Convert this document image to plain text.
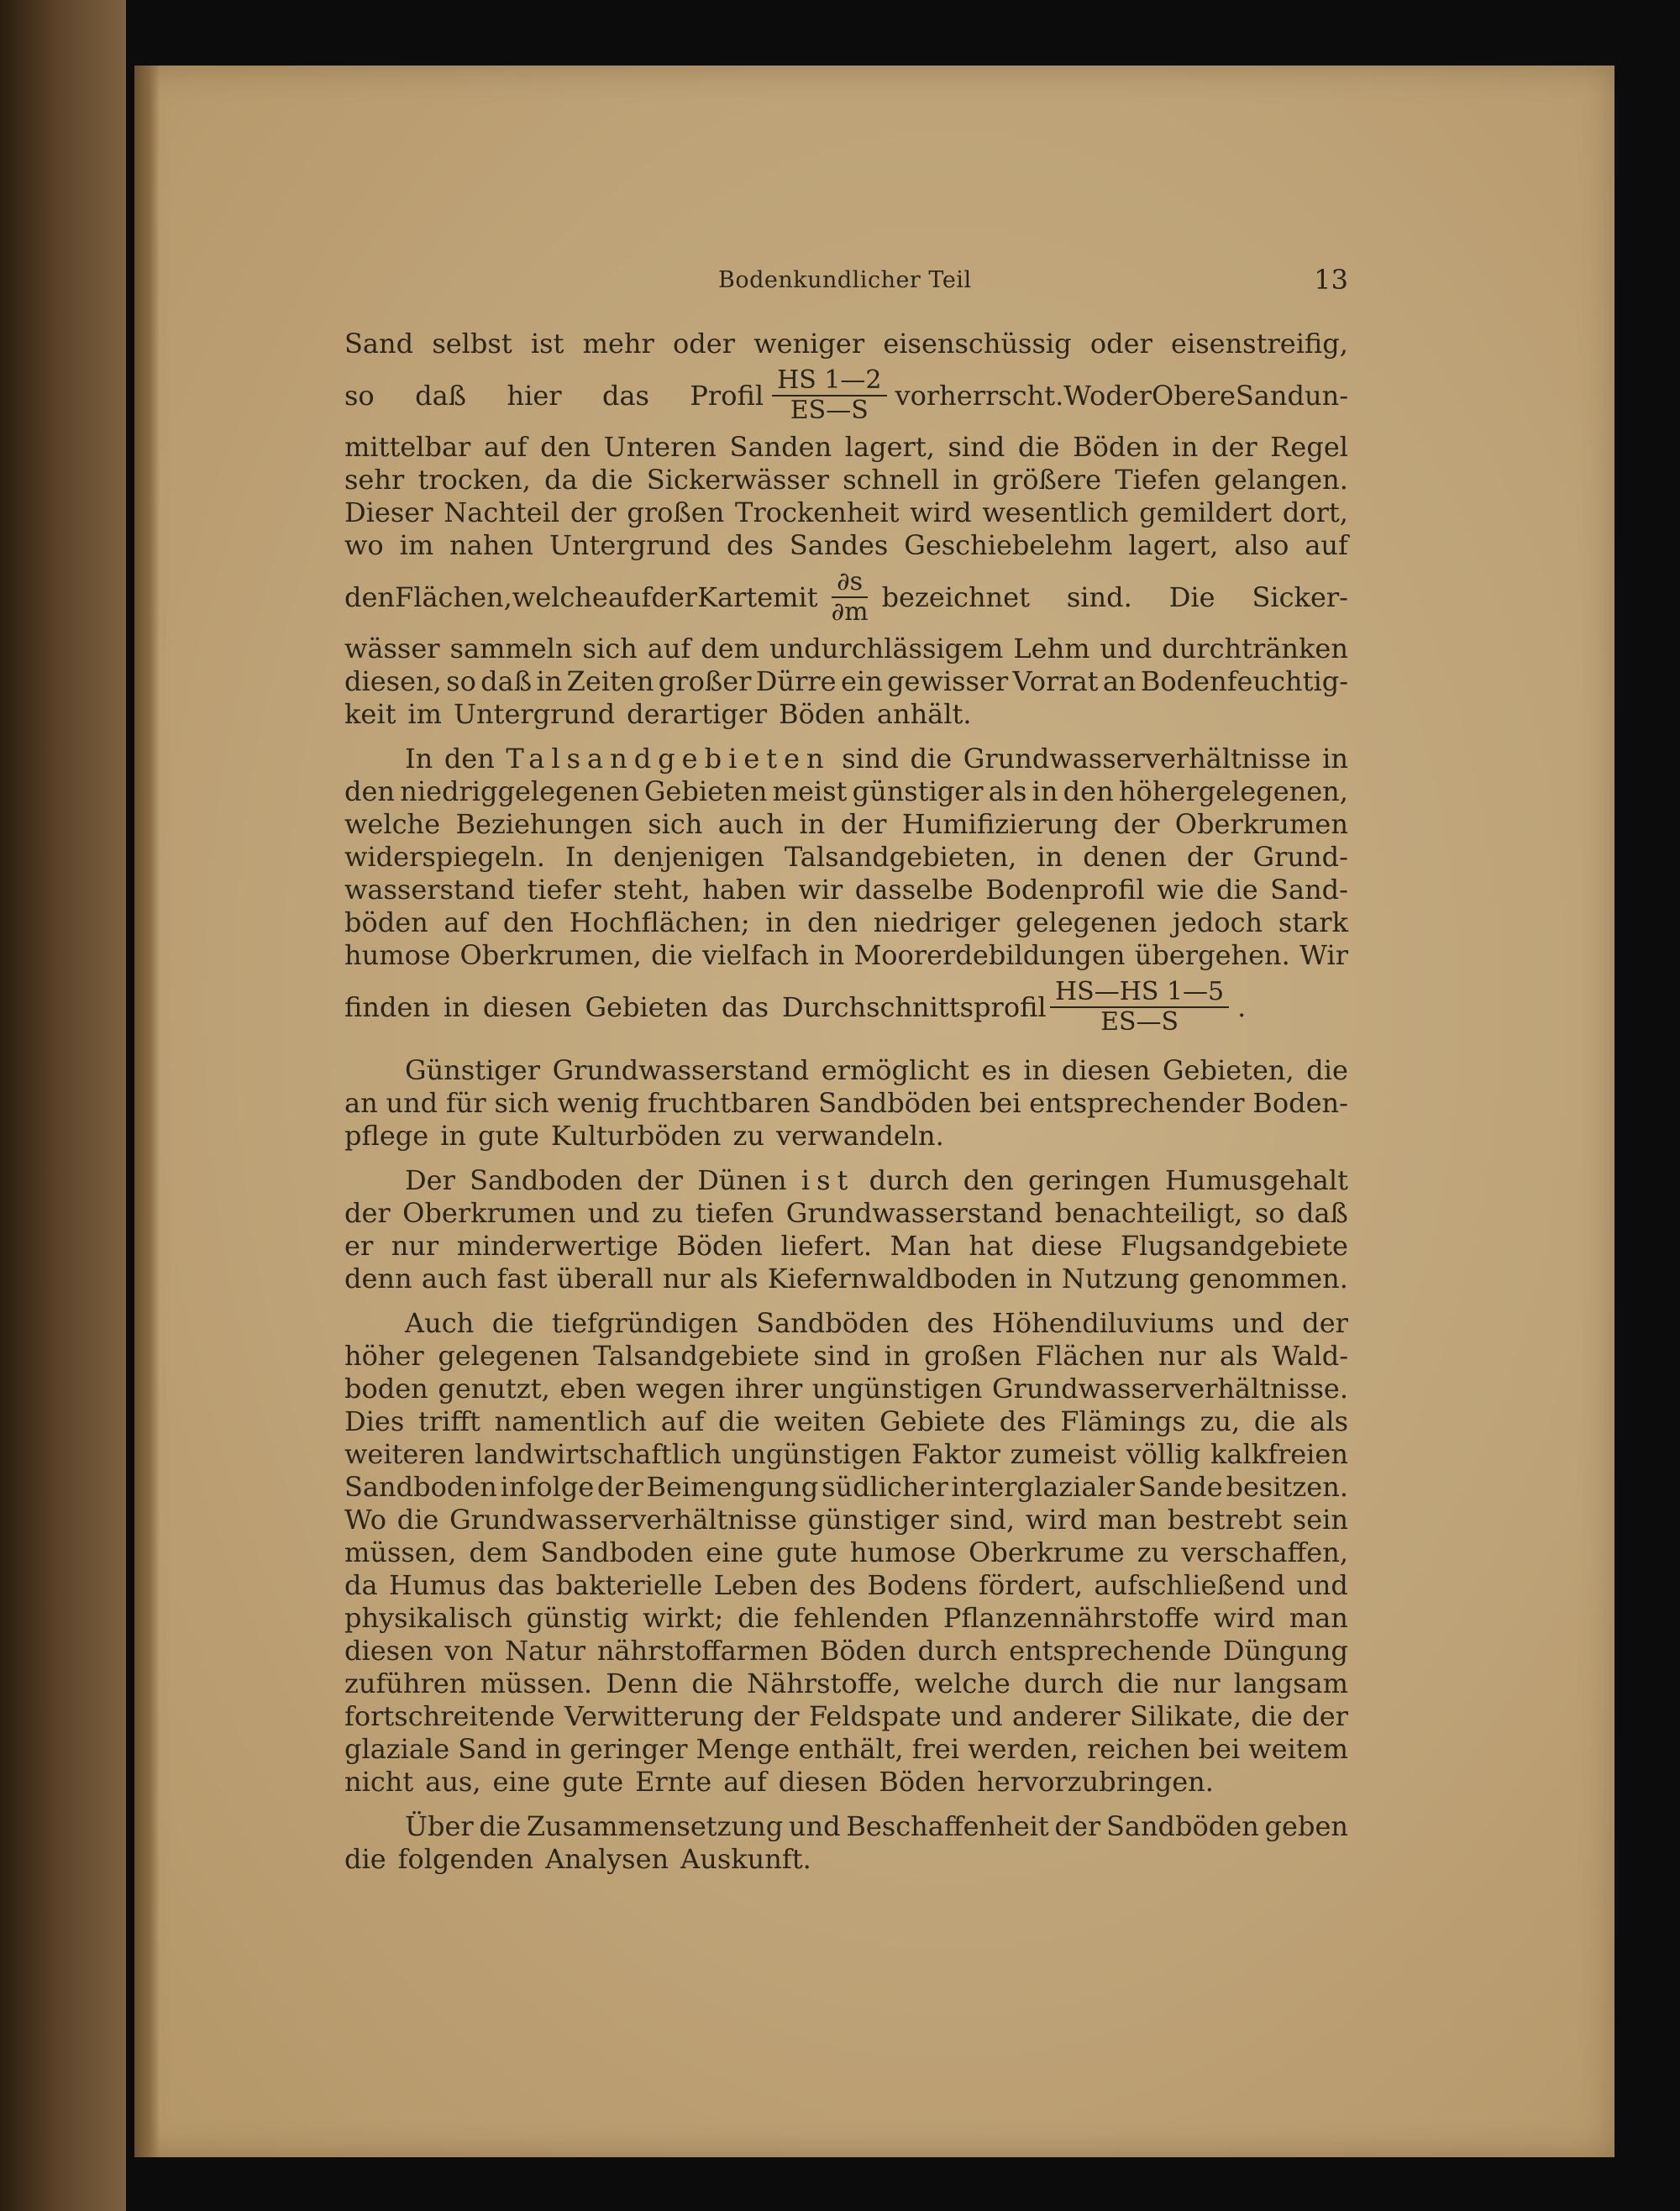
Bodenkundlicher Teil	13
Sand selbst ist mehr oder weniger eisenschüssig oder eisenstreifig,
so daß hier das Profil $\frac{HS 1—2}{ES—S}$ vorherrscht. Wo der Obere Sand un-
mittelbar auf den Unteren Sanden lagert, sind die Böden in der Regel
sehr trocken, da die Sickerwässer schnell in größere Tiefen gelangen.
Dieser Nachteil der großen Trockenheit wird wesentlich gemildert dort,
wo im nahen Untergrund des Sandes Geschiebelehm lagert, also auf
den Flächen, welche auf der Karte mit $\frac{\partial s}{\partial m}$ bezeichnet sind. Die Sicker-
wässer sammeln sich auf dem undurchlässigem Lehm und durchtränken
diesen, so daß in Zeiten großer Dürre ein gewisser Vorrat an Bodenfeuchtig-
keit im Untergrund derartiger Böden anhält.
In den Talsandgebieten sind die Grundwasserverhältnisse in
den niedriggelegenen Gebieten meist günstiger als in den höhergelegenen,
welche Beziehungen sich auch in der Humifizierung der Oberkrumen
widerspiegeln. In denjenigen Talsandgebieten, in denen der Grund-
wasserstand tiefer steht, haben wir dasselbe Bodenprofil wie die Sand-
böden auf den Hochflächen; in den niedriger gelegenen jedoch stark
humose Oberkrumen, die vielfach in Moorerdebildungen übergehen. Wir
finden in diesen Gebieten das Durchschnittsprofil $\frac{HS—HS 1—5}{ES—S}$ .
Günstiger Grundwasserstand ermöglicht es in diesen Gebieten, die
an und für sich wenig fruchtbaren Sandböden bei entsprechender Boden-
pflege in gute Kulturböden zu verwandeln.
Der Sandboden der Dünen ist durch den geringen Humusgehalt
der Oberkrumen und zu tiefen Grundwasserstand benachteiligt, so daß
er nur minderwertige Böden liefert. Man hat diese Flugsandgebiete
denn auch fast überall nur als Kiefernwaldboden in Nutzung genommen.
Auch die tiefgründigen Sandböden des Höhendiluviums und der
höher gelegenen Talsandgebiete sind in großen Flächen nur als Wald-
boden genutzt, eben wegen ihrer ungünstigen Grundwasserverhältnisse.
Dies trifft namentlich auf die weiten Gebiete des Flämings zu, die als
weiteren landwirtschaftlich ungünstigen Faktor zumeist völlig kalkfreien
Sandboden infolge der Beimengung südlicher interglazialer Sande besitzen.
Wo die Grundwasserverhältnisse günstiger sind, wird man bestrebt sein
müssen, dem Sandboden eine gute humose Oberkrume zu verschaffen,
da Humus das bakterielle Leben des Bodens fördert, aufschließend und
physikalisch günstig wirkt; die fehlenden Pflanzennährstoffe wird man
diesen von Natur nährstoffarmen Böden durch entsprechende Düngung
zuführen müssen. Denn die Nährstoffe, welche durch die nur langsam
fortschreitende Verwitterung der Feldspate und anderer Silikate, die der
glaziale Sand in geringer Menge enthält, frei werden, reichen bei weitem
nicht aus, eine gute Ernte auf diesen Böden hervorzubringen.
Über die Zusammensetzung und Beschaffenheit der Sandböden geben
die folgenden Analysen Auskunft.
